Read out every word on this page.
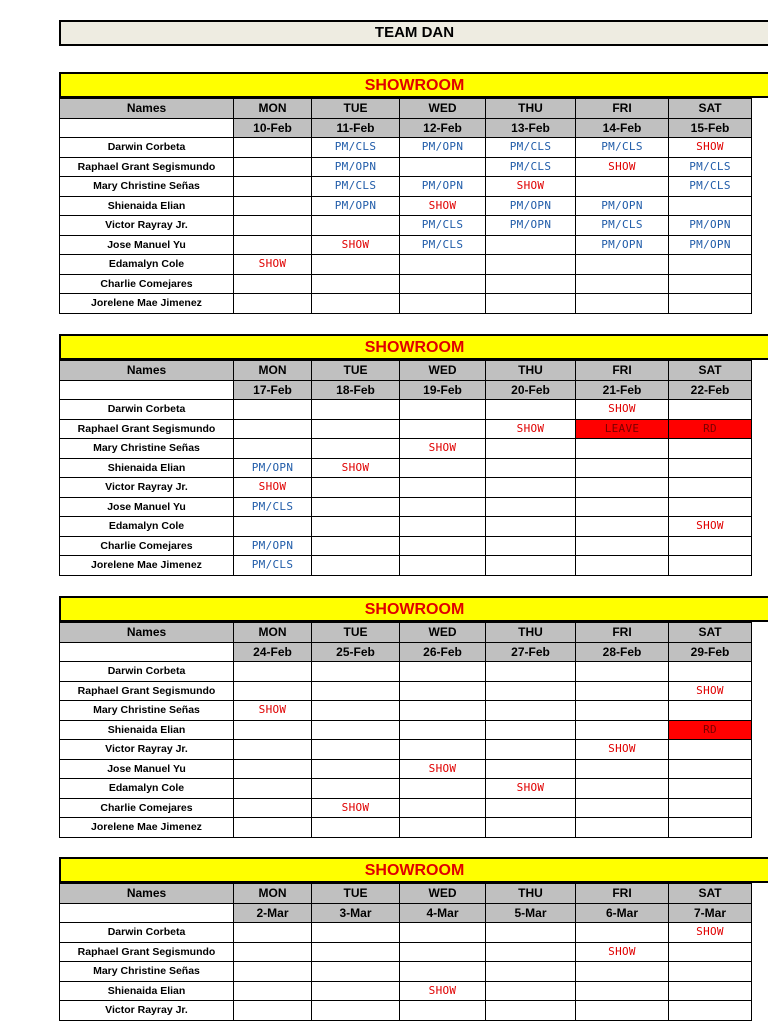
TEAM DAN
SHOWROOM
Names	MON	TUE	WED	THU	FRI	SAT
	10-Feb	11-Feb	12-Feb	13-Feb	14-Feb	15-Feb
Darwin Corbeta		PM/CLS	PM/OPN	PM/CLS	PM/CLS	SHOW
Raphael Grant Segismundo		PM/OPN		PM/CLS	SHOW	PM/CLS
Mary Christine Señas		PM/CLS	PM/OPN	SHOW		PM/CLS
Shienaida Elian		PM/OPN	SHOW	PM/OPN	PM/OPN	
Victor Rayray Jr.			PM/CLS	PM/OPN	PM/CLS	PM/OPN
Jose Manuel Yu		SHOW	PM/CLS		PM/OPN	PM/OPN
Edamalyn Cole	SHOW					
Charlie Comejares						
Jorelene Mae Jimenez						
SHOWROOM
Names	MON	TUE	WED	THU	FRI	SAT
	17-Feb	18-Feb	19-Feb	20-Feb	21-Feb	22-Feb
Darwin Corbeta					SHOW	
Raphael Grant Segismundo				SHOW	LEAVE	RD
Mary Christine Señas			SHOW			
Shienaida Elian	PM/OPN	SHOW				
Victor Rayray Jr.	SHOW					
Jose Manuel Yu	PM/CLS					
Edamalyn Cole						SHOW
Charlie Comejares	PM/OPN					
Jorelene Mae Jimenez	PM/CLS					
SHOWROOM
Names	MON	TUE	WED	THU	FRI	SAT
	24-Feb	25-Feb	26-Feb	27-Feb	28-Feb	29-Feb
Darwin Corbeta						
Raphael Grant Segismundo						SHOW
Mary Christine Señas	SHOW					
Shienaida Elian						RD
Victor Rayray Jr.					SHOW	
Jose Manuel Yu			SHOW			
Edamalyn Cole				SHOW		
Charlie Comejares		SHOW				
Jorelene Mae Jimenez						
SHOWROOM
Names	MON	TUE	WED	THU	FRI	SAT
	2-Mar	3-Mar	4-Mar	5-Mar	6-Mar	7-Mar
Darwin Corbeta						SHOW
Raphael Grant Segismundo					SHOW	
Mary Christine Señas						
Shienaida Elian			SHOW			
Victor Rayray Jr.						
